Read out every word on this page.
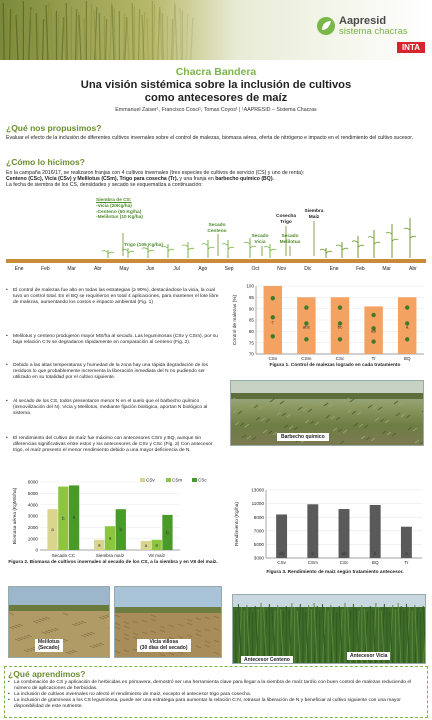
Aapresid
sistema chacras
INTA
Chacra Bandera
Una visión sistémica sobre la inclusión de cultivos
como antecesores de maíz
Emmanuel Zaiser¹, Francisco Cosci¹, Tomas Coyos¹ | ¹AAPRESID – Sistema Chacras
¿Qué nos propusimos?
Evaluar el efecto de la inclusión de diferentes cultivos invernales sobre el control de malezas, biomasa aérea, oferta de nitrógeno e impacto en el rendimiento del cultivo sucesor.
¿Cómo lo hicimos?
En la campaña 2016/17, se realizaron franjas con 4 cultivos invernales (tres especies de cultivos de servicio (CS) y uno de renta):
Centeno (CSc), Vicia (CSv) y Melilotus (CSm), Trigo para cosecha (Tr), y una franja en barbecho químico (BQ).
La fecha de siembra de los CS, densidades y secado se esquematiza a continuación:
Siembra de CS:
-Vicia (20Kg/ha)
-Centeno (50 Kg/ha)
-Melilotus (10 Kg/ha)
Trigo (105 Kg/ha)
Secado Centeno
Cosecha Trigo
Secado Vicia
Secado Melilotus
Siembra Maíz
Ene	Feb	Mar	Abr	May	Jun	Jul	Ago	Sep	Oct	Nov	Dic	Ene	Feb	Mar	Abr
• El control de malezas fue alto en todas las estrategias (≥ 90%), destacándose la vicia, la cual tuvo un control total. En el BQ se requirieron en total 4 aplicaciones, para mantener el lote libre de malezas, aumentando los costos e impacto ambiental (Fig. 1)
• Melilotus y centeno produjeron mayor MS/ha al secado. Las leguminosas (CSv y CSm), por su baja relación C:N se degradaron rápidamente en comparación al centeno (Fig. 2).
• Debido a las altas temperaturas y humedad de la zona hay una rápida degradación de los residuos lo que probablemente incrementa la liberación inmediata del N no pudiendo ser utilizado en su totalidad por el cultivo siguiente.
• Al secado de los CS, todos presentaron menor N en el suelo que el barbecho químico (inmovilización del N). Vicia y Melilotus, mediante fijación biológica, aportan N biológico al sistema.
• El rendimiento del cultivo de maíz fue máximo con antecesores CSm y BQ, aunque sin diferencias significativas entre estos y los antecesores de CSv y CSc (Fig. 3) Con antecesor trigo, el maíz presento el menor rendimiento debido a una mayor deficiencia de N.
70
75
80
85
90
95
100
Control de malezas (%)	c
CSv
abc
CSm
bc
CSc
ab
Tr
a
BQ
Figura 1. Control de malezas logrado en cada tratamiento
Barbecho químico
0
1000
2000
3000
4000
5000
6000
Biomasa aérea (KgMS/ha)	a
b b
Secado CC
a
a
b
Siembra maíz
a a
b
V8 maíz
CSv	CSm	CSc
Figura 2. Biomasa de cultivos invernales al secado de los CS, a la siembra y en V8 del maíz.
3000
5000
7000
9000
11000
13000
Rendimiento (Kg/ha)
ab
CSv
b
CSm
ab
CSc
b
BQ
a
Tr
Figura 3. Rendimiento de maíz según tratamiento antecesor.
Melilotus
(Secado)
Vicia villosa
(30 días del secado)
Antecesor Centeno
Antecesor Vicia
¿Qué aprendimos?
• La combinación de CS y aplicación de herbicidas en primavera, demostró ser una herramienta clave para llegar a la siembra de maíz tardío con buen control de malezas reduciendo el número de aplicaciones de herbicidas.
• La inclusión de cultivos invernales no afectó el rendimiento de maíz, excepto el antecesor trigo para cosecha.
• La inclusión de gramíneas a los CS leguminosa, puede ser una estrategia para aumentar la relación C:N, retrasar la liberación de N y beneficiar al cultivo siguiente con una mayor disponibilidad de este nutriente.
